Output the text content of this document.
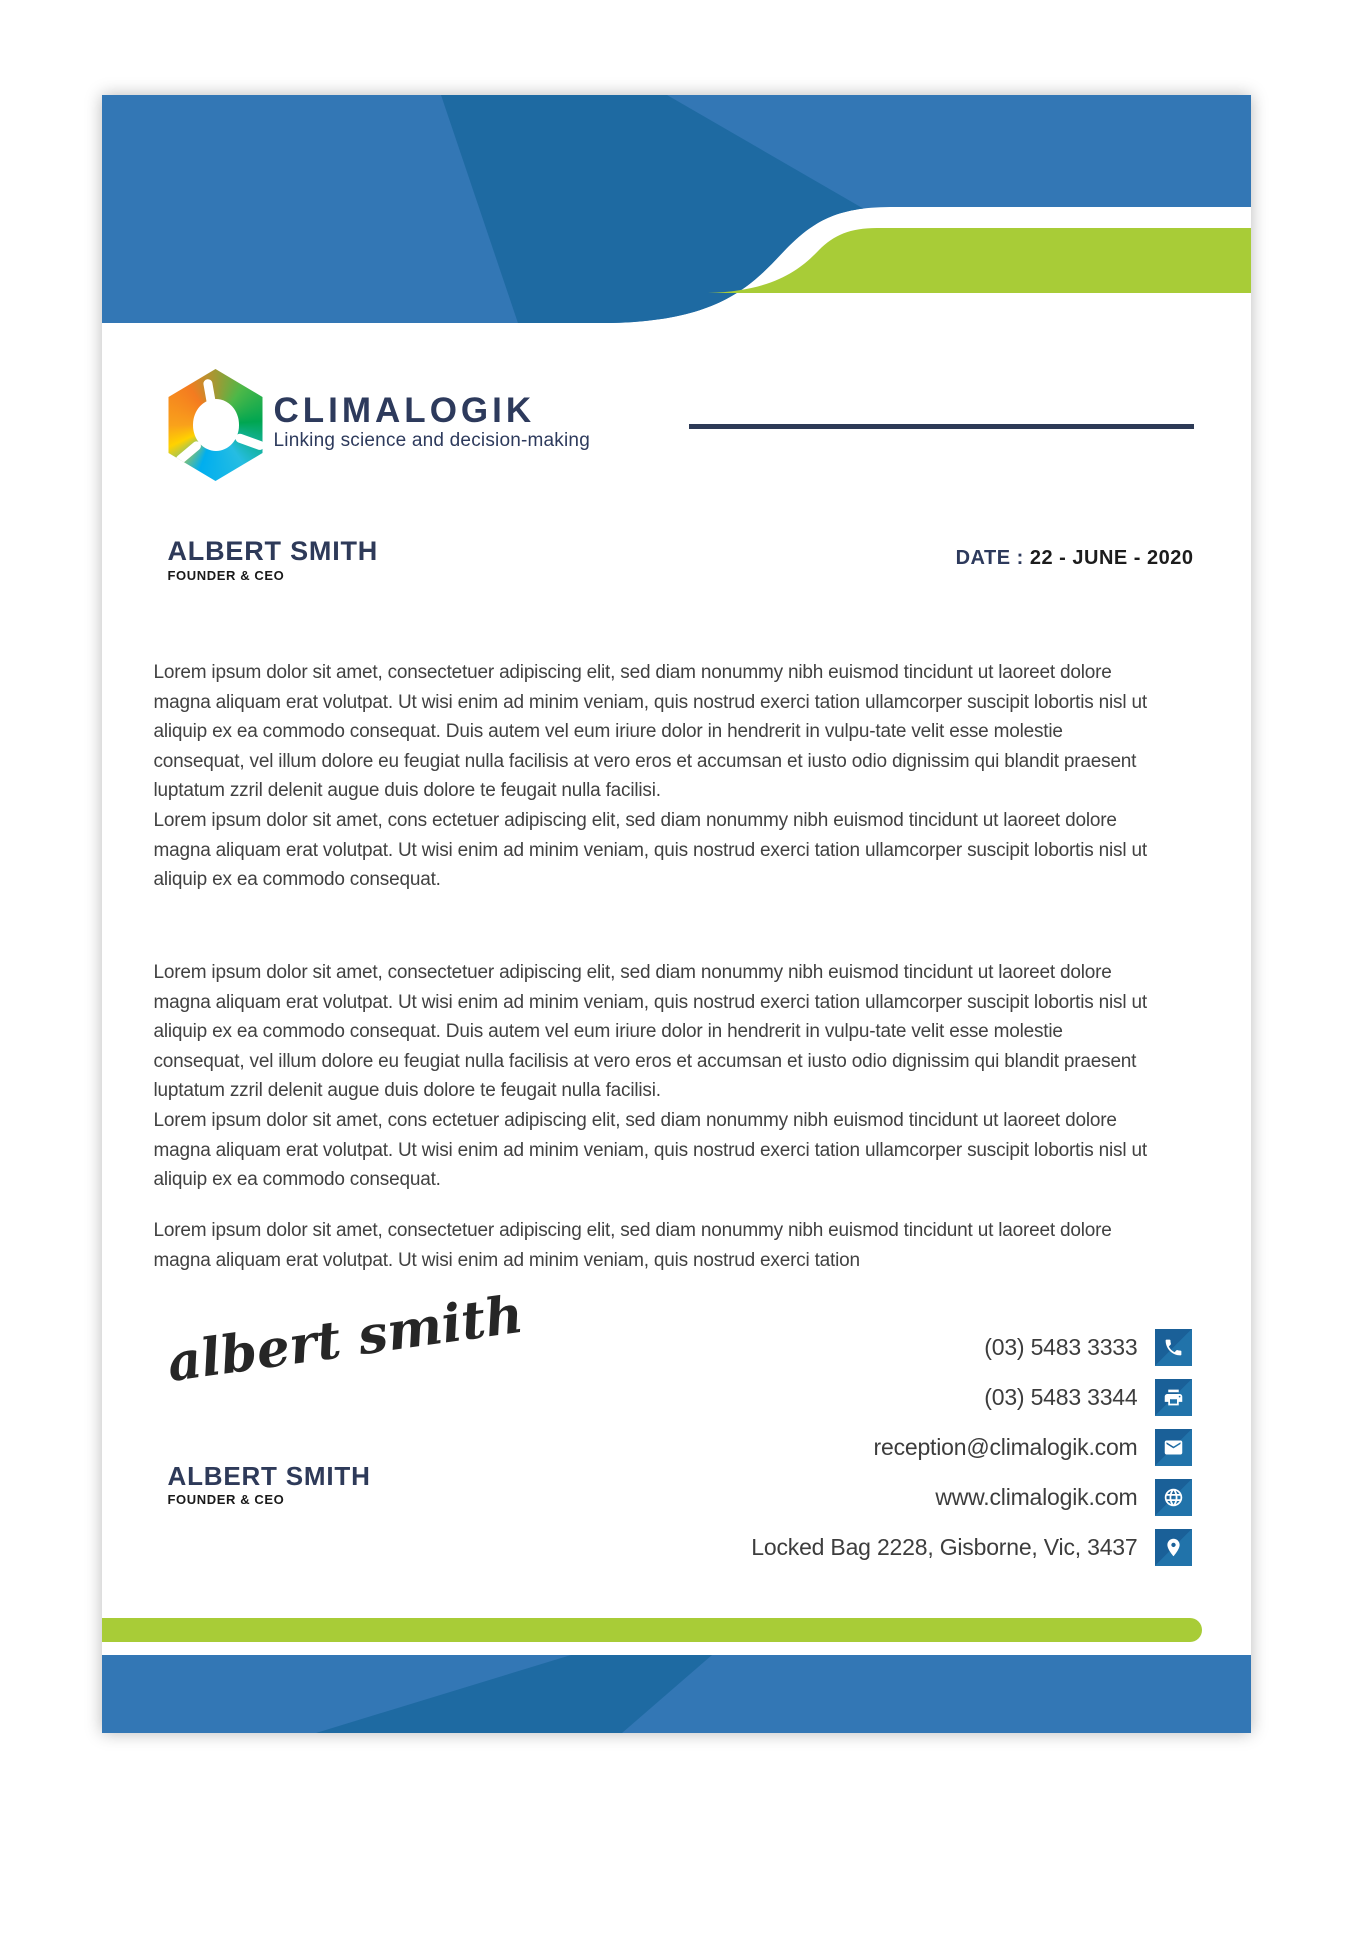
CLIMALOGIK
Linking science and decision-making
ALBERT SMITH
FOUNDER & CEO
DATE : 22 - JUNE - 2020

Lorem ipsum dolor sit amet, consectetuer adipiscing elit, sed diam nonummy nibh euismod tincidunt ut laoreet dolore magna aliquam erat volutpat. Ut wisi enim ad minim veniam, quis nostrud exerci tation ullamcorper suscipit lobortis nisl ut aliquip ex ea commodo consequat. Duis autem vel eum iriure dolor in hendrerit in vulpu-tate velit esse molestie consequat, vel illum dolore eu feugiat nulla facilisis at vero eros et accumsan et iusto odio dignissim qui blandit praesent luptatum zzril delenit augue duis dolore te feugait nulla facilisi.

Lorem ipsum dolor sit amet, cons ectetuer adipiscing elit, sed diam nonummy nibh euismod tincidunt ut laoreet dolore magna aliquam erat volutpat. Ut wisi enim ad minim veniam, quis nostrud exerci tation ullamcorper suscipit lobortis nisl ut aliquip ex ea commodo consequat.

Lorem ipsum dolor sit amet, consectetuer adipiscing elit, sed diam nonummy nibh euismod tincidunt ut laoreet dolore magna aliquam erat volutpat. Ut wisi enim ad minim veniam, quis nostrud exerci tation ullamcorper suscipit lobortis nisl ut aliquip ex ea commodo consequat. Duis autem vel eum iriure dolor in hendrerit in vulpu-tate velit esse molestie consequat, vel illum dolore eu feugiat nulla facilisis at vero eros et accumsan et iusto odio dignissim qui blandit praesent luptatum zzril delenit augue duis dolore te feugait nulla facilisi.

Lorem ipsum dolor sit amet, cons ectetuer adipiscing elit, sed diam nonummy nibh euismod tincidunt ut laoreet dolore magna aliquam erat volutpat. Ut wisi enim ad minim veniam, quis nostrud exerci tation ullamcorper suscipit lobortis nisl ut aliquip ex ea commodo consequat.

Lorem ipsum dolor sit amet, consectetuer adipiscing elit, sed diam nonummy nibh euismod tincidunt ut laoreet dolore magna aliquam erat volutpat. Ut wisi enim ad minim veniam, quis nostrud exerci tation

albert smith
ALBERT SMITH
FOUNDER & CEO
(03) 5483 3333
(03) 5483 3344
reception@climalogik.com
www.climalogik.com
Locked Bag 2228, Gisborne, Vic, 3437
